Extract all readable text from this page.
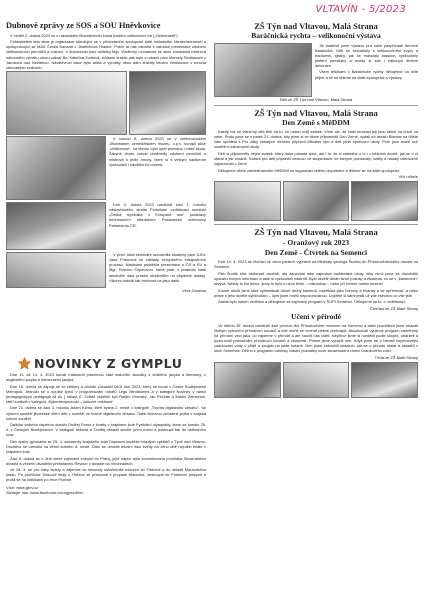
VLTAVÍN - 5/2023
Dubnové zprávy ze SOŠ a SOU Hněvkovice

V neděli 2. dubna 2023 se v rakouském Brandenhofu konal tradiční velikonoční trh („Ostermarkt“).

Pořadatelem této akce je organizace sdružující se v přeshraniční spolupráci trakt Volkskultur Niederösterreich a spolupracující se MAS Česká Kanada z Jindřichova Hradce. Právě ta nás oslovila k nabídce prezentace zdobení velikonočních perníčků a cukroví. V doprovodu paní učitelky Mgr. Vladimíry Linhartové se akce zúčastnila mistrová odborného výcviku oboru cukrář Bc. Kateřina Zuntová, zdobení kraslic pak bylo v rukách paní Marcely Stoklasové z Jarošova nad Nežárkou. Návštěvníci akce byla velká a výrobky obou dám zhlédly letošní Velikonoce v mnoha rakouských rodinách.

V sobotu 8. dubna 2023 se v netěchovickém Jihočeském zemědělském muzeu, o.p.s. konala akce „Velikonoce“, na kterou byla opět pozvána i naše škola. Žákyně oboru cukrář předvedly zdobení perníčků a mistrová s jedle hmoty, které si s velkým nadšením vyzkoušeli i návštěvníci muzea.

Dne 4. dubna 2023 navštívili žáci 1. ročníku nástavbového studia Podnikání vzdělávací seminář „Česká republika v Evropské unii“ pořádaný Informačním střediskem Poslanecké sněmovny Parlamentu ČR.

V první části semináře seznámila studenty paní JUDr. Jana Francová se základy evropského integračního procesu. Následně proběhla prezentace o ČR a EU s Mgr. Terezou Čejchovou, která poté, v poslední části semináře dala prostor studentům na připadné dotazy. Všichni nabídli tak možnost na jako další.

Věra Zuntová
NOVINKY Z GYMPLU

Dne 11. až 14. 4. 2023 konali maturanti písemnou část maturitní zkoušky z českého jazyka a literatury, z anglického jazyka a německého jazyka.

Dne 18. dubna se zapojil se ve zeštyry a období zúčastnil DIGI dne 2023, který se konal v České Budějovické Metropoli. Jednalo se o soutěž týmů v programování robotů Lego Mindstorms a v kategorii Novinky v rámci pedagogických pedagogů až do ( oblast IT. Zvlášť úspěšní byli Radim Oranský, Jan Pečirán a Martin Zámečník, kteří zvítězili v kategorii „Kyberbezpečnost – únikové místnost“.

Dne 21. dubna se žáci 3. ročníku Adam Klíma, kteří bylina 2. místě v kategorii „Tvorba digitálního obsahu“. Se výherní soutěži jihočeské čtení dětí v soutěži ve tvorbě digitálního obsahu. Další klíčovou zúčastnil jedná v krajská kolové soutěži.

Dalšího velkého úspěchu dosáhl Ondřej Porod z kvarty v krajském kole Fyzikální olympiády, které se konalo 25. 4. v Českých Budějovicích. V kategorii sekund a Ondřej obsadil skvělé první místo a postoupil tak do ústředního kola.

Den fyziky gymnázia se 25. 4. zúčastnily krajského kola Dopravní soutěže mladých cyklistů v Týně nad Vltavou. Družstvo se umístilo na velmi dobrém 6. místě. Dále se umístili letošní žáci kvinty na Jeho obě nejnižší finále v krajském kole.

Žáci 5. dubna se v Jiné velmi zajímavé exkurzi do Prahy, jejíž náplní byla komentovaná prohlídka Slovenského divadla a večerní divadelní představení Revizor v divadle na Vinohradech.

Ve 28. 4. se pro žáky kvarty a zájemce ze sekundy uskutečnila exkurze do Třeboně a do oblasti Moravského krasu. Po prohlídce Srdcové štoly v Třeboni se přesunuli k propasti Macocha, sestoupili do Punkevní jeskyně a prošli se na lodičkách po řece Punkvě.

Více: www.gtnv.cz
Sledujte nás: www.facebook.com/gymplthn/
ZŠ Týn nad Vltavou, Malá Strana
Baráčnická rychta – velikonoční výstava

Již tradičně jsme výstavu pro naše paspřízdali členové Baráčníků. Děti se seznámily s velikonočními zvyky a tradicemi, zjistily, jak se malovaly kraslice, vyzkoušely pletení pomlázky a mohly si zde i nakoupit drobné dekorace.

Všem tetičkám z Baráčnické rychty děkujeme za milé přijetí a už se těšíme na další spolupráci a výstavy.

Děti ze ZŠ Týn nad Vltavou, Malá Strana
ZŠ Týn nad Vltavou, Malá Strana
Den Země s MěDDM

Každý rok se všechny děti těší na to, že oslaví svůj svátek. Víme ale, že Naši mrazáci její jsou takže na chvíli na sebe. Proto jsme se v pátek 21. dubna, kdy jsme si ve škole připomněli Den Země, vydali do areálu Blanice na hřiště vám spřátelit s Pro žáky čekalých nichtolu připravil Miloslav tým a děti plnili sportovní úkoly. Proč jsou mohli své soutěži s zábavnými úkoly.

Děti si připomněly nejen svátek, který naše planeta slaví, ale i to, že si zabedbe o ni i v běžném životě, jak se o ni starat a jak chránit. Svátek pro děti připravili vedoucí ve skupinkách, ve kterých poznávaly, luštily a hádaly všemožné zajímavosti o Zemi.

Děkujeme všem zaměstnancům MěDDM za organizaci celého dopoledne a těšíme se na další spolupráci.

Vlčí učitelé
ZŠ Týn nad Vltavou, Malá Strana
- Oranžový rok 2023
Den Země - Čtvrtek na Semenci

Dne 14. 4. 2023 se čtvrtáci ve dvou partech vypravili za Mineraly geologa Šudíka do Přírodovědeckého muzea na Semenci.

Pan Šudítk sice nedorazil osobně, ale zanechal nám zajímavé badatelské úkoly, díky nimž jsme se dozvěděli spoustu nových informací a také si vyzkoušeli nástroti. Bylo skvělé dělat různé pokusy a zkoumat, co se v „kamenech“ ukrývá. Někdy to šlo lehce, jindy to bylo o něco těžší – mikroskop – nebo při lúmení mohlo bezeto!

Kromě úkolů jsme také vyhledávali různé druhy kamenů, například jako horniny a říkanky a se upřímnost, a nebo práce s jeho skvělé symbolicko – kým jsme mohli nepozorovanou. Dojděte si sami jestli už víte všechno co vše jste.

Zaslat bylo naším vzdělání a děkujeme za zajímavý program v ŠOPI Semenci. Děkujeme za to, z vzdělávací.

Čtvrťáci ze ZŠ Malé Strany
Učení v přírodě

Ve středu 26. dubna navštívili žáci prvních tříd Přírodovědné muzeum na Semenci a další pravidlech jsme ukázali čtvrtým vytvoření přírodních kousků a zde mohli se nechat pěkně překvapit. Absolvovali výukový program zaměřený na přírodní věci jako, co najdeme v přírodě a ale naučit nás vidět. Nejdříve jsme si rozdělili podle skupin, obdrželi a pozorovali pozorování přírodních kousků a zkoumali. Potom jsme vyrazili ven. Když jsme se u hledali nejvhodnější zadržování vody v půdě a zaújalo na naše krásné. Den jsme zakončili ukázkou, jak se o přírodu starat a zasadili v okolí Semence. Děti si z programu odnesly vlastní poznatky nové zkušenosti a rámci Oranžového roku.

Třída ze ZŠ Malé Strany
